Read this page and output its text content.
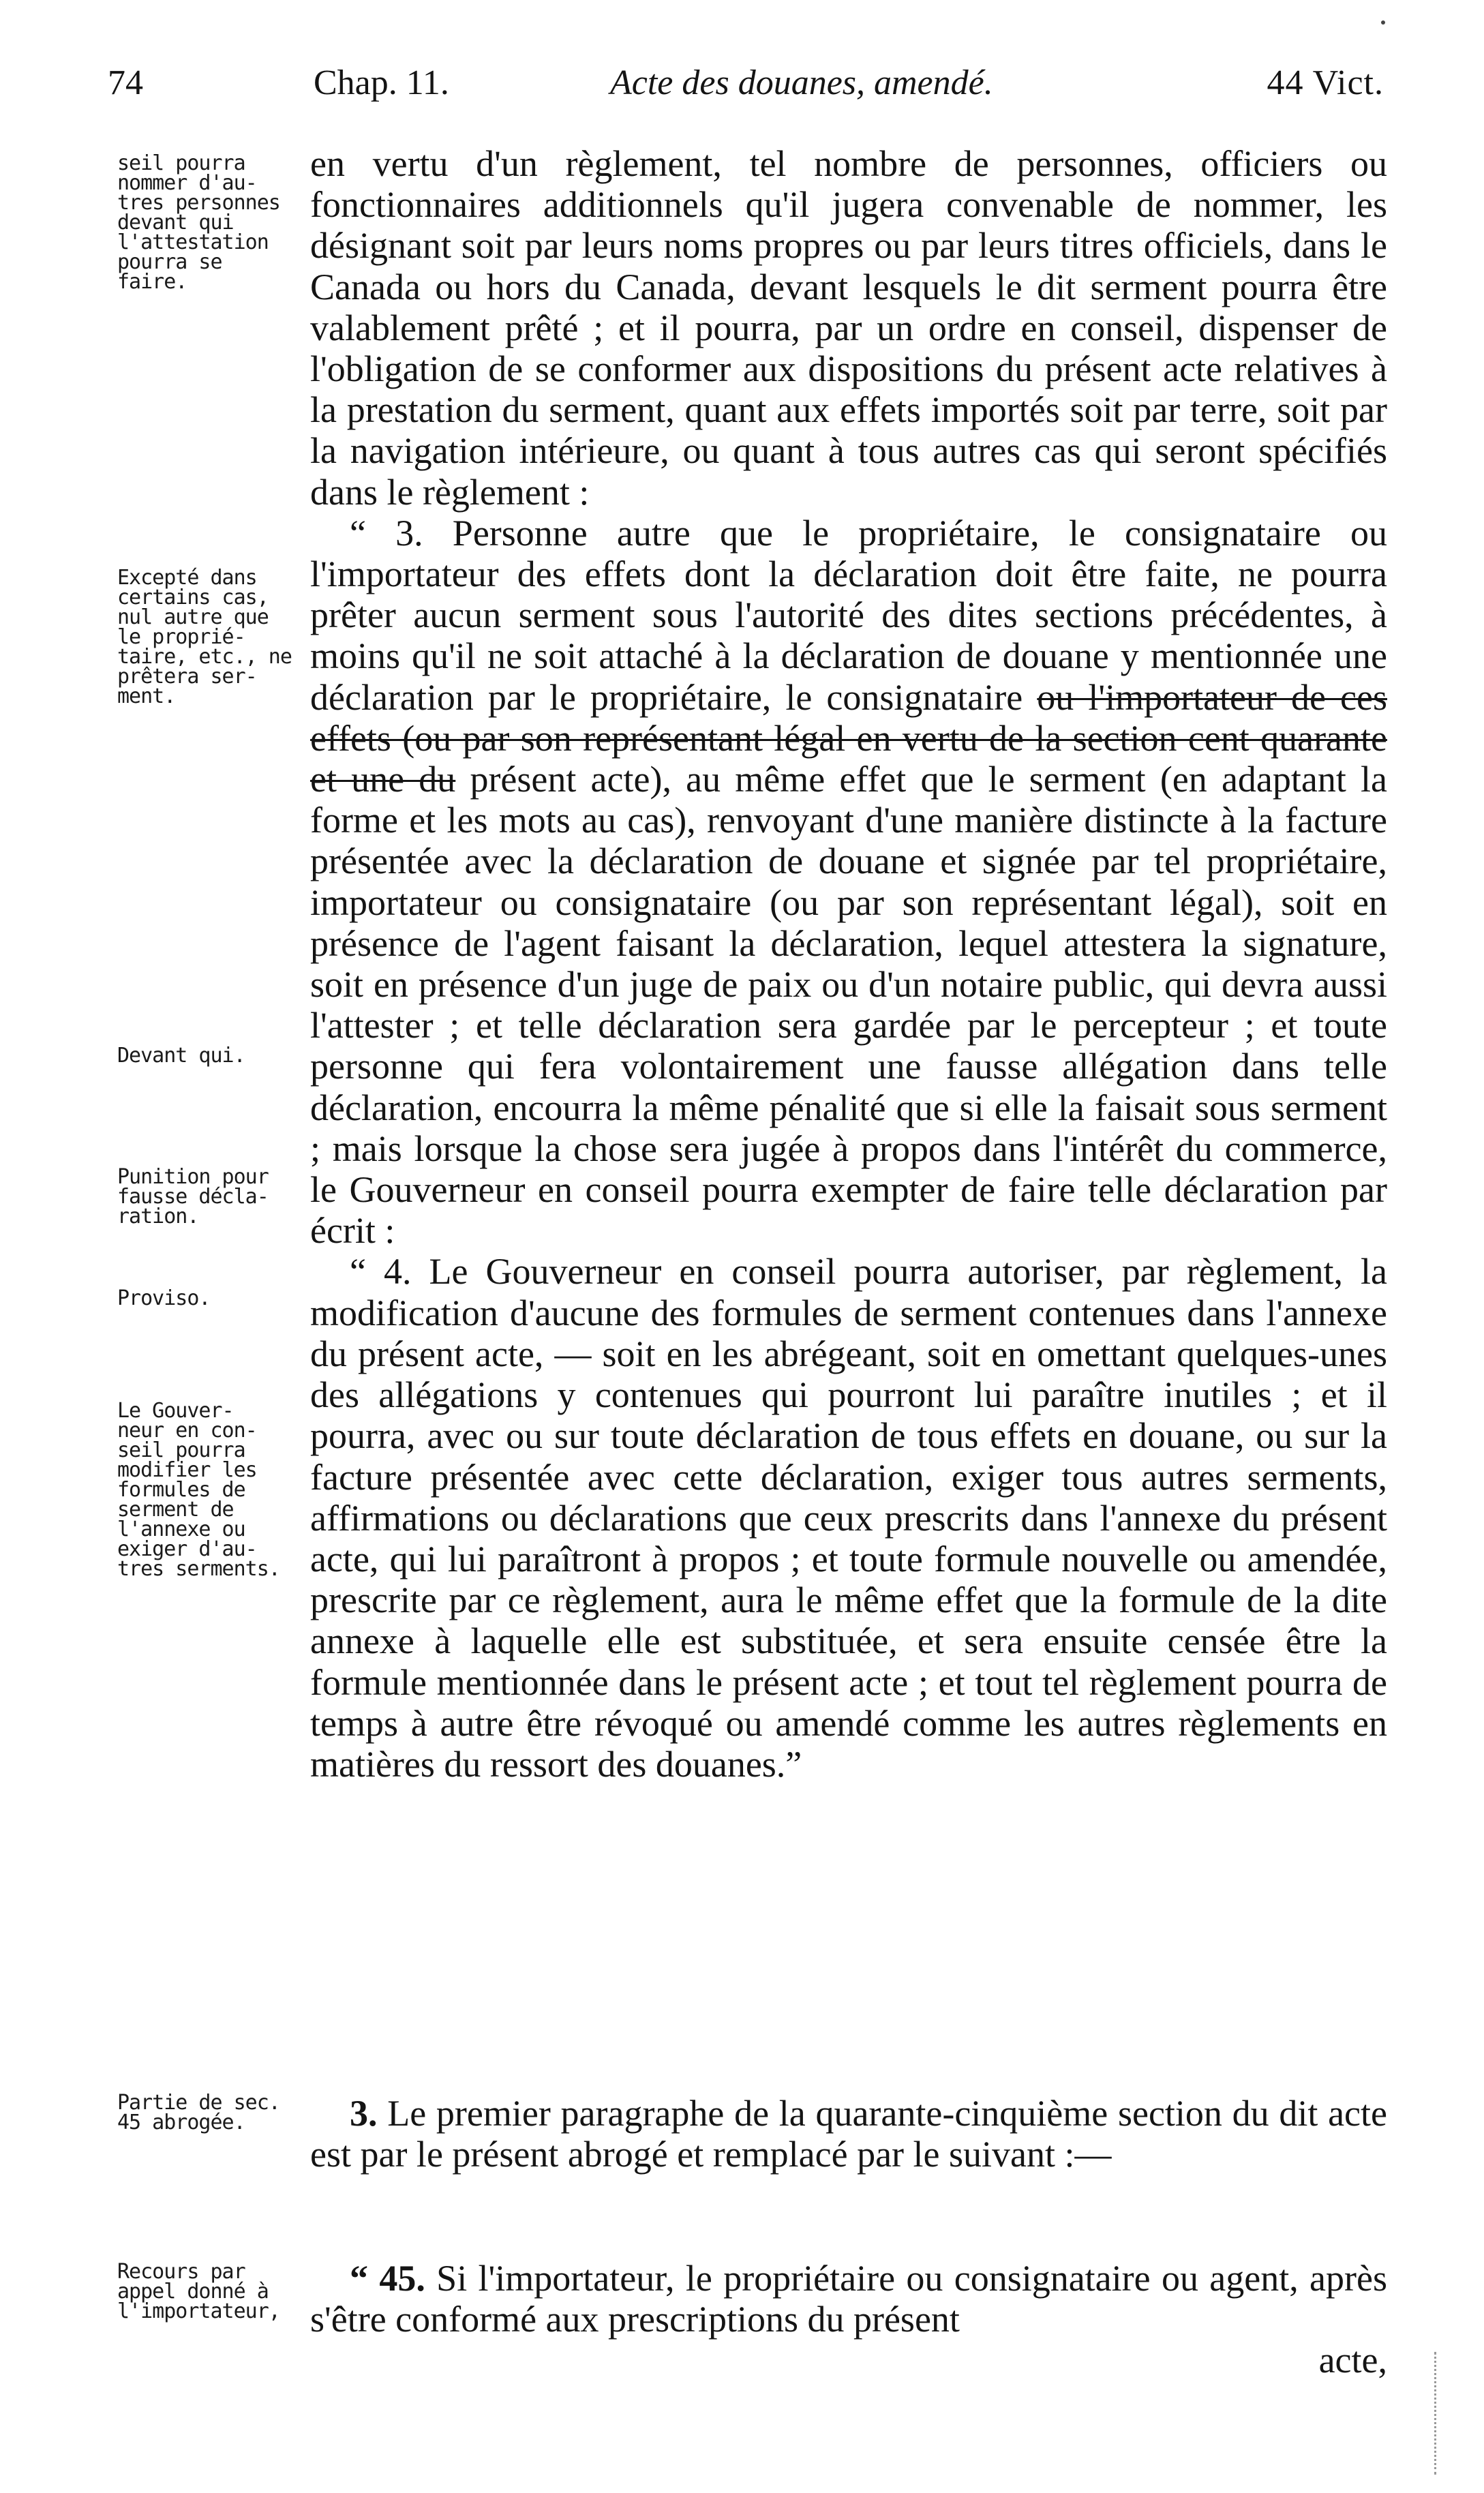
74	Chap. 11.	Acte des douanes, amendé.	44 Vict.
seil pourra
nommer d'au-
tres personnes
devant qui
l'attestation
pourra se
faire.
Excepté dans
certains cas,
nul autre que
le proprié-
taire, etc., ne
prêtera ser-
ment.
Devant qui.
Punition pour
fausse décla-
ration.
Proviso.
Le Gouver-
neur en con-
seil pourra
modifier les
formules de
serment de
l'annexe ou
exiger d'au-
tres serments.
Partie de sec.
45 abrogée.
Recours par
appel donné à
l'importateur,

en vertu d'un règlement, tel nombre de personnes, officiers ou fonctionnaires additionnels qu'il jugera convenable de nommer, les désignant soit par leurs noms propres ou par leurs titres officiels, dans le Canada ou hors du Canada, devant lesquels le dit serment pourra être valablement prêté ; et il pourra, par un ordre en conseil, dispenser de l'obligation de se conformer aux dispositions du présent acte relatives à la prestation du serment, quant aux effets importés soit par terre, soit par la navigation intérieure, ou quant à tous autres cas qui seront spécifiés dans le règlement :

“ 3. Personne autre que le propriétaire, le consignataire ou l'importateur des effets dont la déclaration doit être faite, ne pourra prêter aucun serment sous l'autorité des dites sections précédentes, à moins qu'il ne soit attaché à la déclaration de douane y mentionnée une déclaration par le propriétaire, le consignataire ou l'importateur de ces effets (ou par son représentant légal en vertu de la section cent quarante et une du présent acte), au même effet que le serment (en adaptant la forme et les mots au cas), renvoyant d'une manière distincte à la facture présentée avec la déclaration de douane et signée par tel propriétaire, importateur ou consignataire (ou par son représentant légal), soit en présence de l'agent faisant la déclaration, lequel attestera la signature, soit en présence d'un juge de paix ou d'un notaire public, qui devra aussi l'attester ; et telle déclaration sera gardée par le percepteur ; et toute personne qui fera volontairement une fausse allégation dans telle déclaration, encourra la même pénalité que si elle la faisait sous serment ; mais lorsque la chose sera jugée à propos dans l'intérêt du commerce, le Gouverneur en conseil pourra exempter de faire telle déclaration par écrit :

“ 4. Le Gouverneur en conseil pourra autoriser, par règlement, la modification d'aucune des formules de serment contenues dans l'annexe du présent acte, — soit en les abrégeant, soit en omettant quelques-unes des allégations y contenues qui pourront lui paraître inutiles ; et il pourra, avec ou sur toute déclaration de tous effets en douane, ou sur la facture présentée avec cette déclaration, exiger tous autres serments, affirmations ou déclarations que ceux prescrits dans l'annexe du présent acte, qui lui paraîtront à propos ; et toute formule nouvelle ou amendée, prescrite par ce règlement, aura le même effet que la formule de la dite annexe à laquelle elle est substituée, et sera ensuite censée être la formule mentionnée dans le présent acte ; et tout tel règlement pourra de temps à autre être révoqué ou amendé comme les autres règlements en matières du ressort des douanes.”

3. Le premier paragraphe de la quarante-cinquième section du dit acte est par le présent abrogé et remplacé par le suivant :—

“ 45. Si l'importateur, le propriétaire ou consignataire ou agent, après s'être conformé aux prescriptions du présent

acte,
